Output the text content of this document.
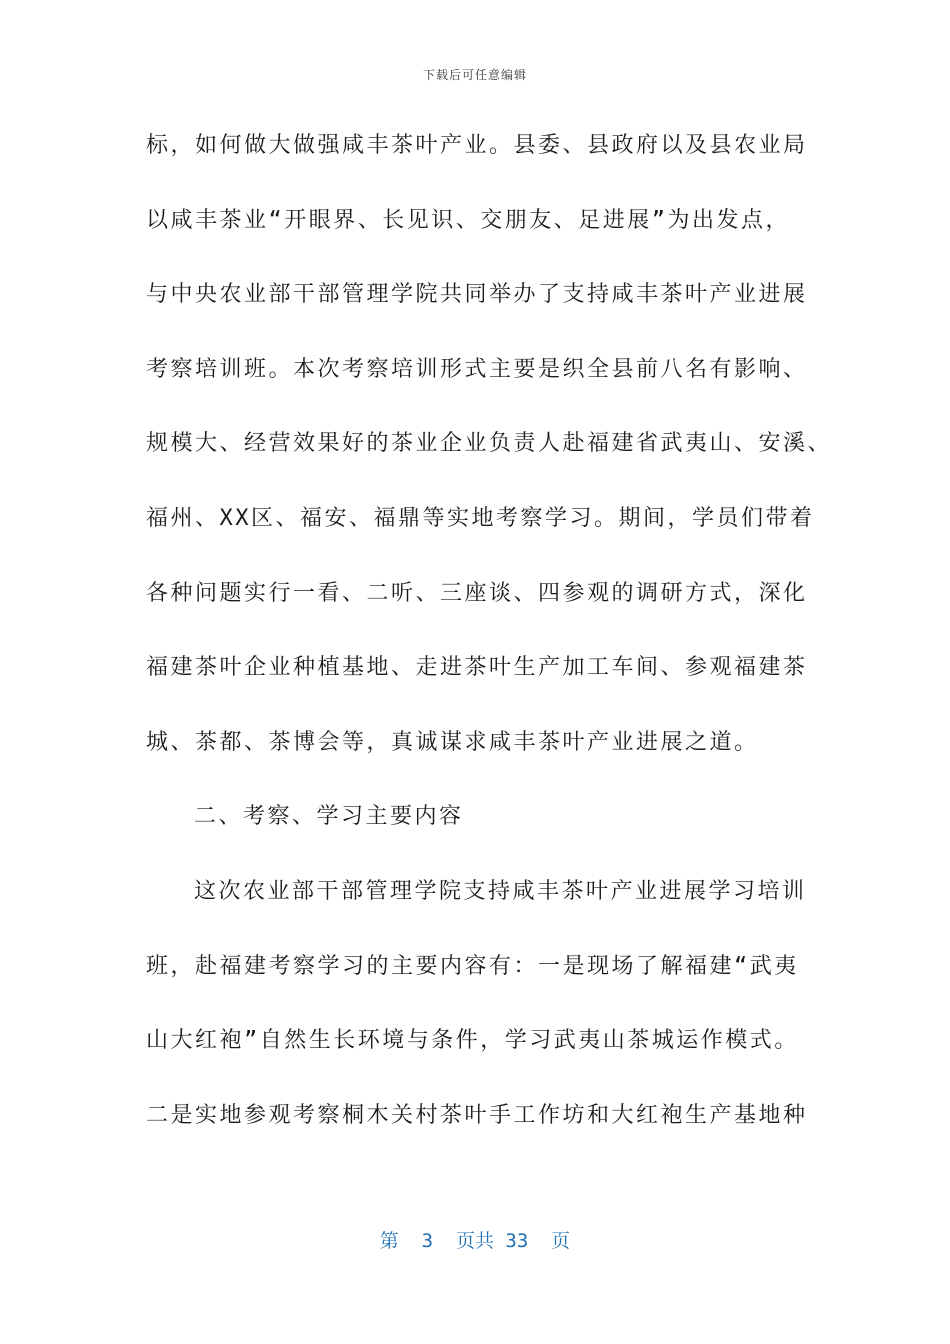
下载后可任意编辑
标，如何做大做强咸丰茶叶产业。县委、县政府以及县农业局
以咸丰茶业“开眼界、长见识、交朋友、足进展”为出发点，
与中央农业部干部管理学院共同举办了支持咸丰茶叶产业进展
考察培训班。本次考察培训形式主要是织全县前八名有影响、
规模大、经营效果好的茶业企业负责人赴福建省武夷山、安溪、
福州、XX区、福安、福鼎等实地考察学习。期间，学员们带着
各种问题实行一看、二听、三座谈、四参观的调研方式，深化
福建茶叶企业种植基地、走进茶叶生产加工车间、参观福建茶
城、茶都、茶博会等，真诚谋求咸丰茶叶产业进展之道。
二、考察、学习主要内容
这次农业部干部管理学院支持咸丰茶叶产业进展学习培训
班，赴福建考察学习的主要内容有：一是现场了解福建“武夷
山大红袍”自然生长环境与条件，学习武夷山茶城运作模式。
二是实地参观考察桐木关村茶叶手工作坊和大红袍生产基地种
第  3  页共 33  页
